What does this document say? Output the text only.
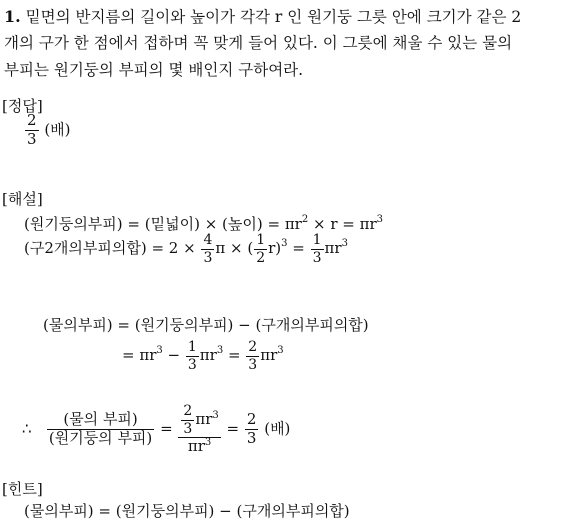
1. 밑면의 반지름의 길이와 높이가 각각 r 인 원기둥 그릇 안에 크기가 같은 2
개의 구가 한 점에서 접하며 꼭 맞게 들어 있다. 이 그릇에 채울 수 있는 물의
부피는 원기둥의 부피의 몇 배인지 구하여라.
[정답]
$\frac{2}{3}$ (배)
[해설]
(원기둥의부피) = (밑넓이) × (높이) = $\pi r^2 \times r = \pi r^3$
(구2개의부피의합) = $2 \times \frac{4}{3}$ π × ( $\frac{1}{2} r)^3 = \frac{1}{3} \pi r^3$
(물의부피) = (원기둥의부피) − (구개의부피의합)
= $\pi r^3 - \frac{1}{3} \pi r^3 = \frac{2}{3} \pi r^3$
∴ $\frac{\text{(물의 부피)}}{\text{(원기둥의 부피)}} = \frac{\frac{2}{3} \pi r^3}{\pi r^3} = \frac{2}{3}$ (배)
[힌트]
(물의부피) = (원기둥의부피) − (구개의부피의합)
